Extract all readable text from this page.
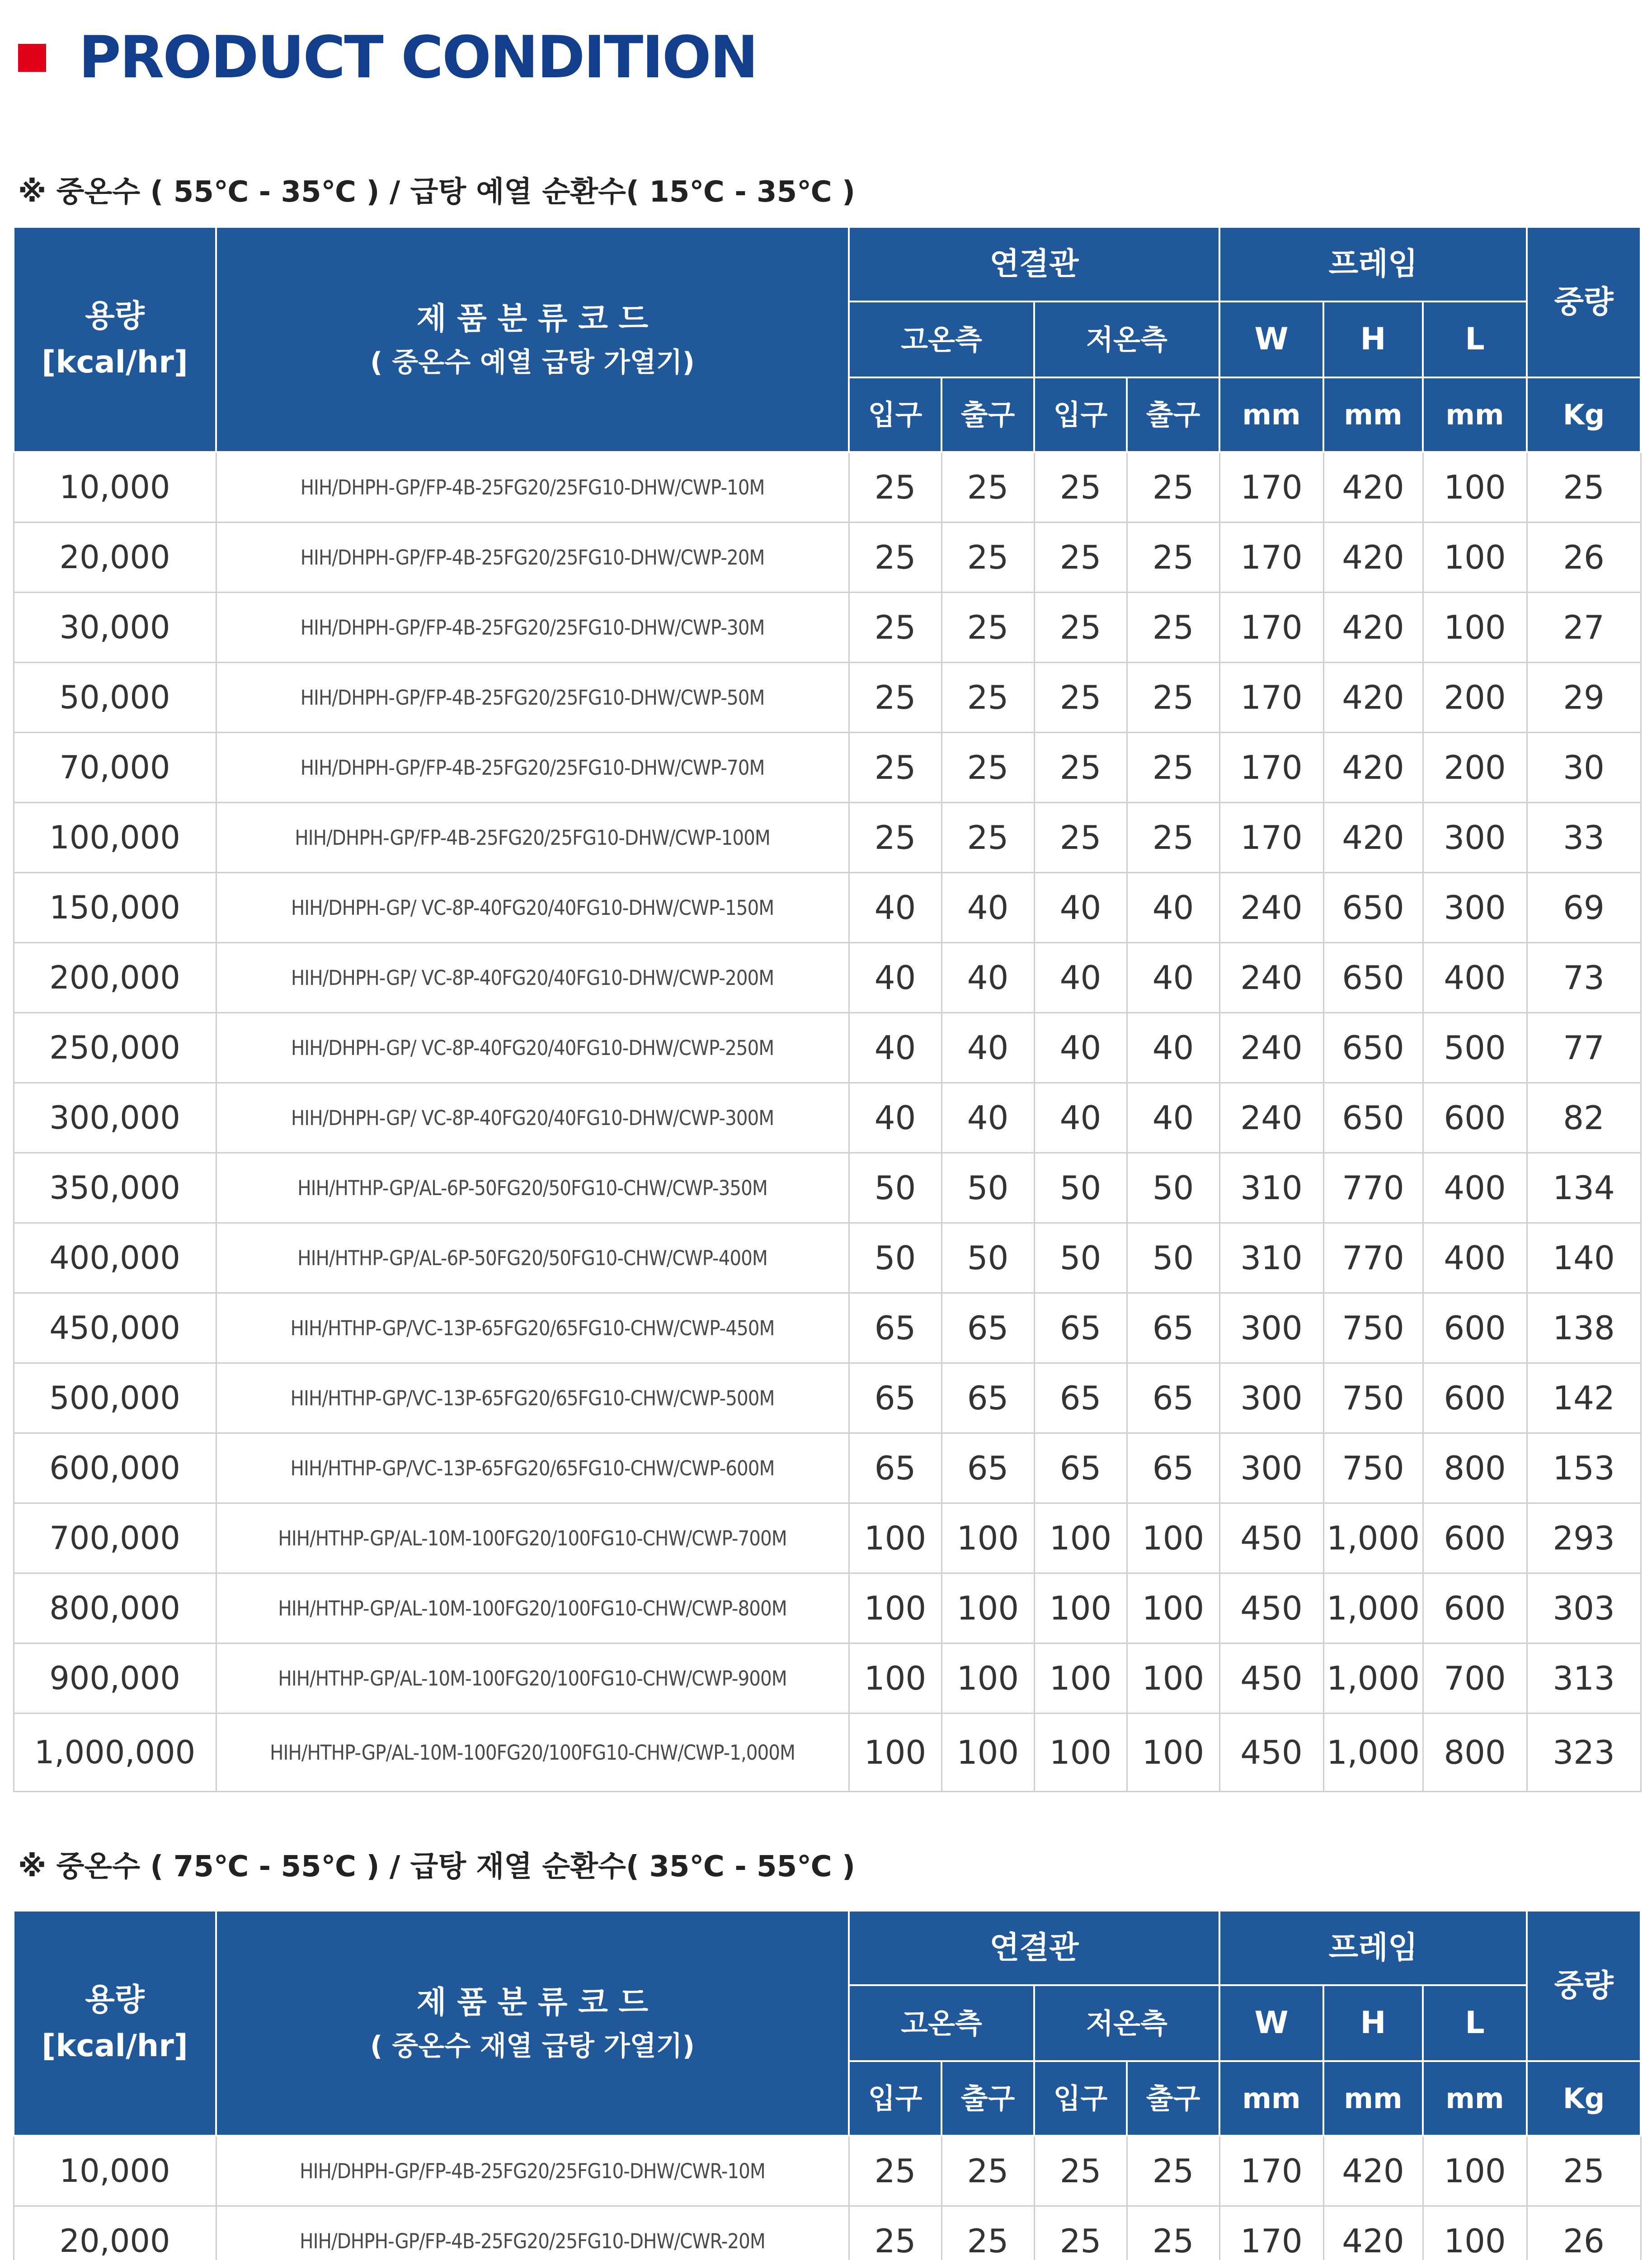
PRODUCT CONDITION
※ 중온수 ( 55℃ - 35℃ ) / 급탕 예열 순환수( 15℃ - 35℃ )
용량
[kcal/hr]	제 품 분 류 코 드
( 중온수 예열 급탕 가열기)	연결관				프레임			중량
		고온측		저온측		W	H	L	
		입구	출구	입구	출구	mm	mm	mm	Kg
10,000	HIH/DHPH-GP/FP-4B-25FG20/25FG10-DHW/CWP-10M	25	25	25	25	170	420	100	25
20,000	HIH/DHPH-GP/FP-4B-25FG20/25FG10-DHW/CWP-20M	25	25	25	25	170	420	100	26
30,000	HIH/DHPH-GP/FP-4B-25FG20/25FG10-DHW/CWP-30M	25	25	25	25	170	420	100	27
50,000	HIH/DHPH-GP/FP-4B-25FG20/25FG10-DHW/CWP-50M	25	25	25	25	170	420	200	29
70,000	HIH/DHPH-GP/FP-4B-25FG20/25FG10-DHW/CWP-70M	25	25	25	25	170	420	200	30
100,000	HIH/DHPH-GP/FP-4B-25FG20/25FG10-DHW/CWP-100M	25	25	25	25	170	420	300	33
150,000	HIH/DHPH-GP/ VC-8P-40FG20/40FG10-DHW/CWP-150M	40	40	40	40	240	650	300	69
200,000	HIH/DHPH-GP/ VC-8P-40FG20/40FG10-DHW/CWP-200M	40	40	40	40	240	650	400	73
250,000	HIH/DHPH-GP/ VC-8P-40FG20/40FG10-DHW/CWP-250M	40	40	40	40	240	650	500	77
300,000	HIH/DHPH-GP/ VC-8P-40FG20/40FG10-DHW/CWP-300M	40	40	40	40	240	650	600	82
350,000	HIH/HTHP-GP/AL-6P-50FG20/50FG10-CHW/CWP-350M	50	50	50	50	310	770	400	134
400,000	HIH/HTHP-GP/AL-6P-50FG20/50FG10-CHW/CWP-400M	50	50	50	50	310	770	400	140
450,000	HIH/HTHP-GP/VC-13P-65FG20/65FG10-CHW/CWP-450M	65	65	65	65	300	750	600	138
500,000	HIH/HTHP-GP/VC-13P-65FG20/65FG10-CHW/CWP-500M	65	65	65	65	300	750	600	142
600,000	HIH/HTHP-GP/VC-13P-65FG20/65FG10-CHW/CWP-600M	65	65	65	65	300	750	800	153
700,000	HIH/HTHP-GP/AL-10M-100FG20/100FG10-CHW/CWP-700M	100	100	100	100	450	1,000	600	293
800,000	HIH/HTHP-GP/AL-10M-100FG20/100FG10-CHW/CWP-800M	100	100	100	100	450	1,000	600	303
900,000	HIH/HTHP-GP/AL-10M-100FG20/100FG10-CHW/CWP-900M	100	100	100	100	450	1,000	700	313
1,000,000	HIH/HTHP-GP/AL-10M-100FG20/100FG10-CHW/CWP-1,000M	100	100	100	100	450	1,000	800	323
※ 중온수 ( 75℃ - 55℃ ) / 급탕 재열 순환수( 35℃ - 55℃ )
용량
[kcal/hr]	제 품 분 류 코 드
( 중온수 재열 급탕 가열기)	연결관				프레임			중량
		고온측		저온측		W	H	L	
		입구	출구	입구	출구	mm	mm	mm	Kg
10,000	HIH/DHPH-GP/FP-4B-25FG20/25FG10-DHW/CWR-10M	25	25	25	25	170	420	100	25
20,000	HIH/DHPH-GP/FP-4B-25FG20/25FG10-DHW/CWR-20M	25	25	25	25	170	420	100	26
